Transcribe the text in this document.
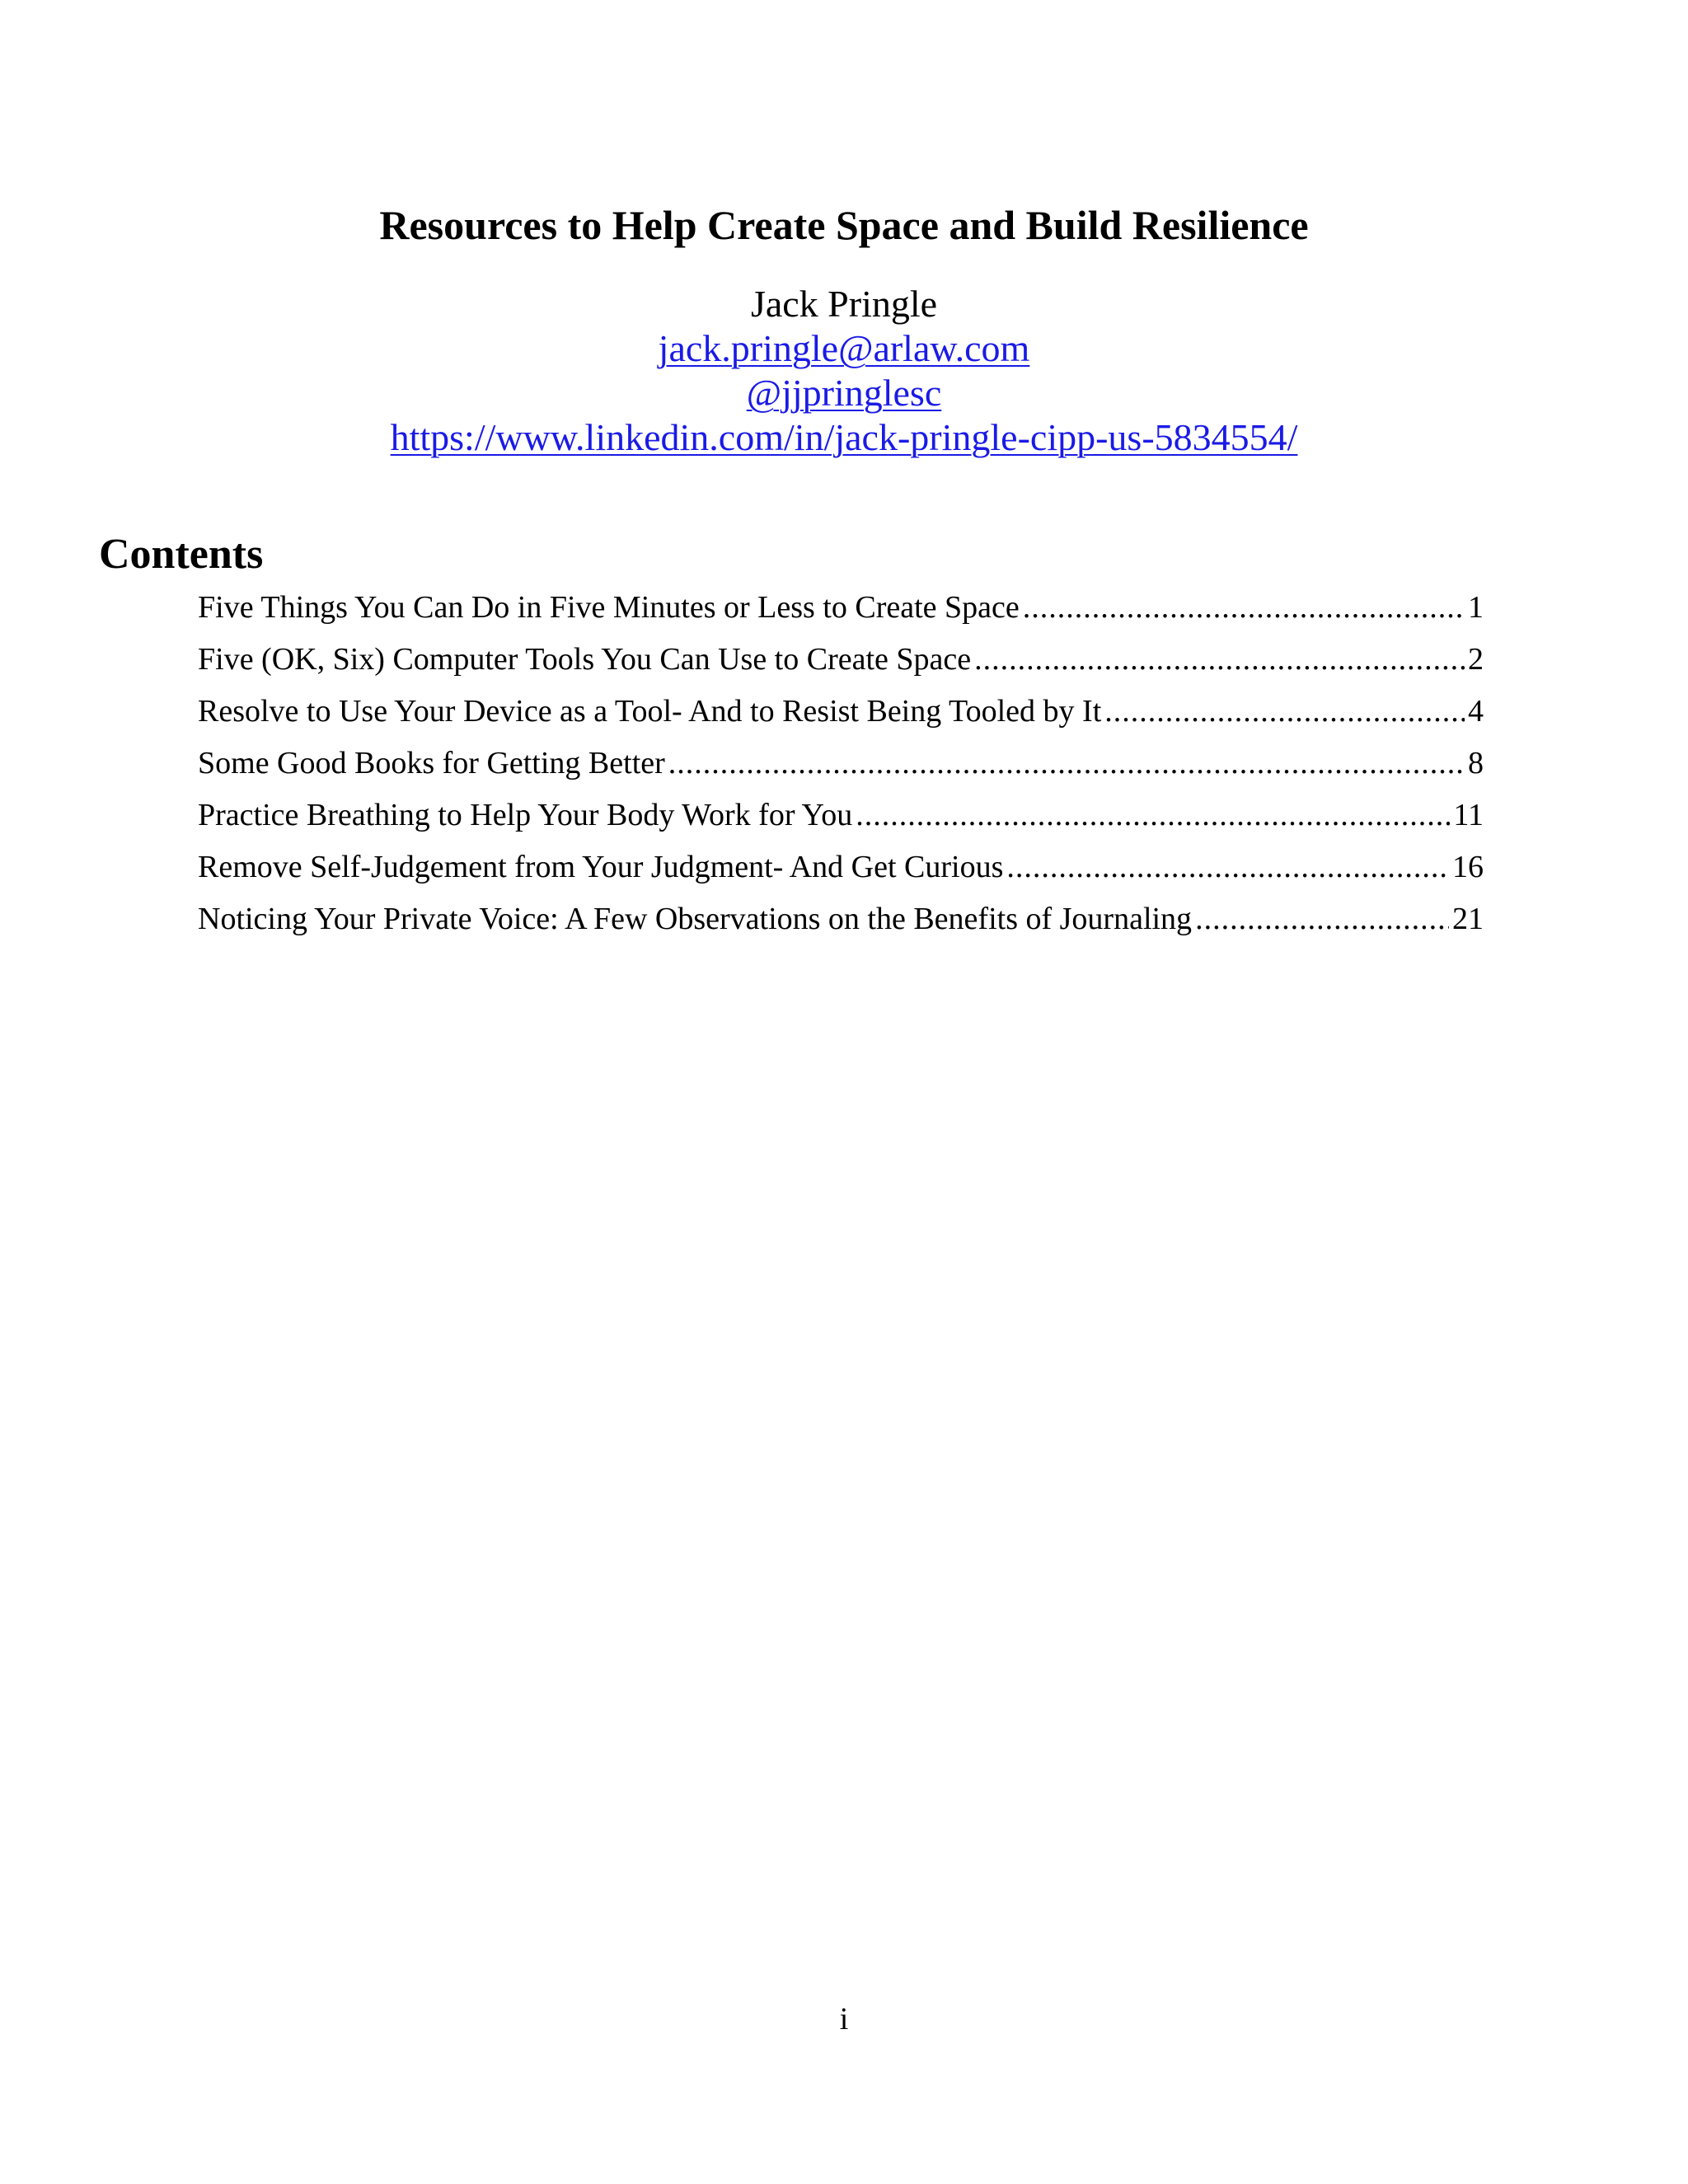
Resources to Help Create Space and Build Resilience
Jack Pringle
jack.pringle@arlaw.com
@jjpringlesc
https://www.linkedin.com/in/jack-pringle-cipp-us-5834554/
Contents
Five Things You Can Do in Five Minutes or Less to Create Space .....	1
Five (OK, Six) Computer Tools You Can Use to Create Space .....	2
Resolve to Use Your Device as a Tool- And to Resist Being Tooled by It .....	4
Some Good Books for Getting Better .....	8
Practice Breathing to Help Your Body Work for You .....	11
Remove Self-Judgement from Your Judgment- And Get Curious .....	16
Noticing Your Private Voice: A Few Observations on the Benefits of Journaling .....	21
i
